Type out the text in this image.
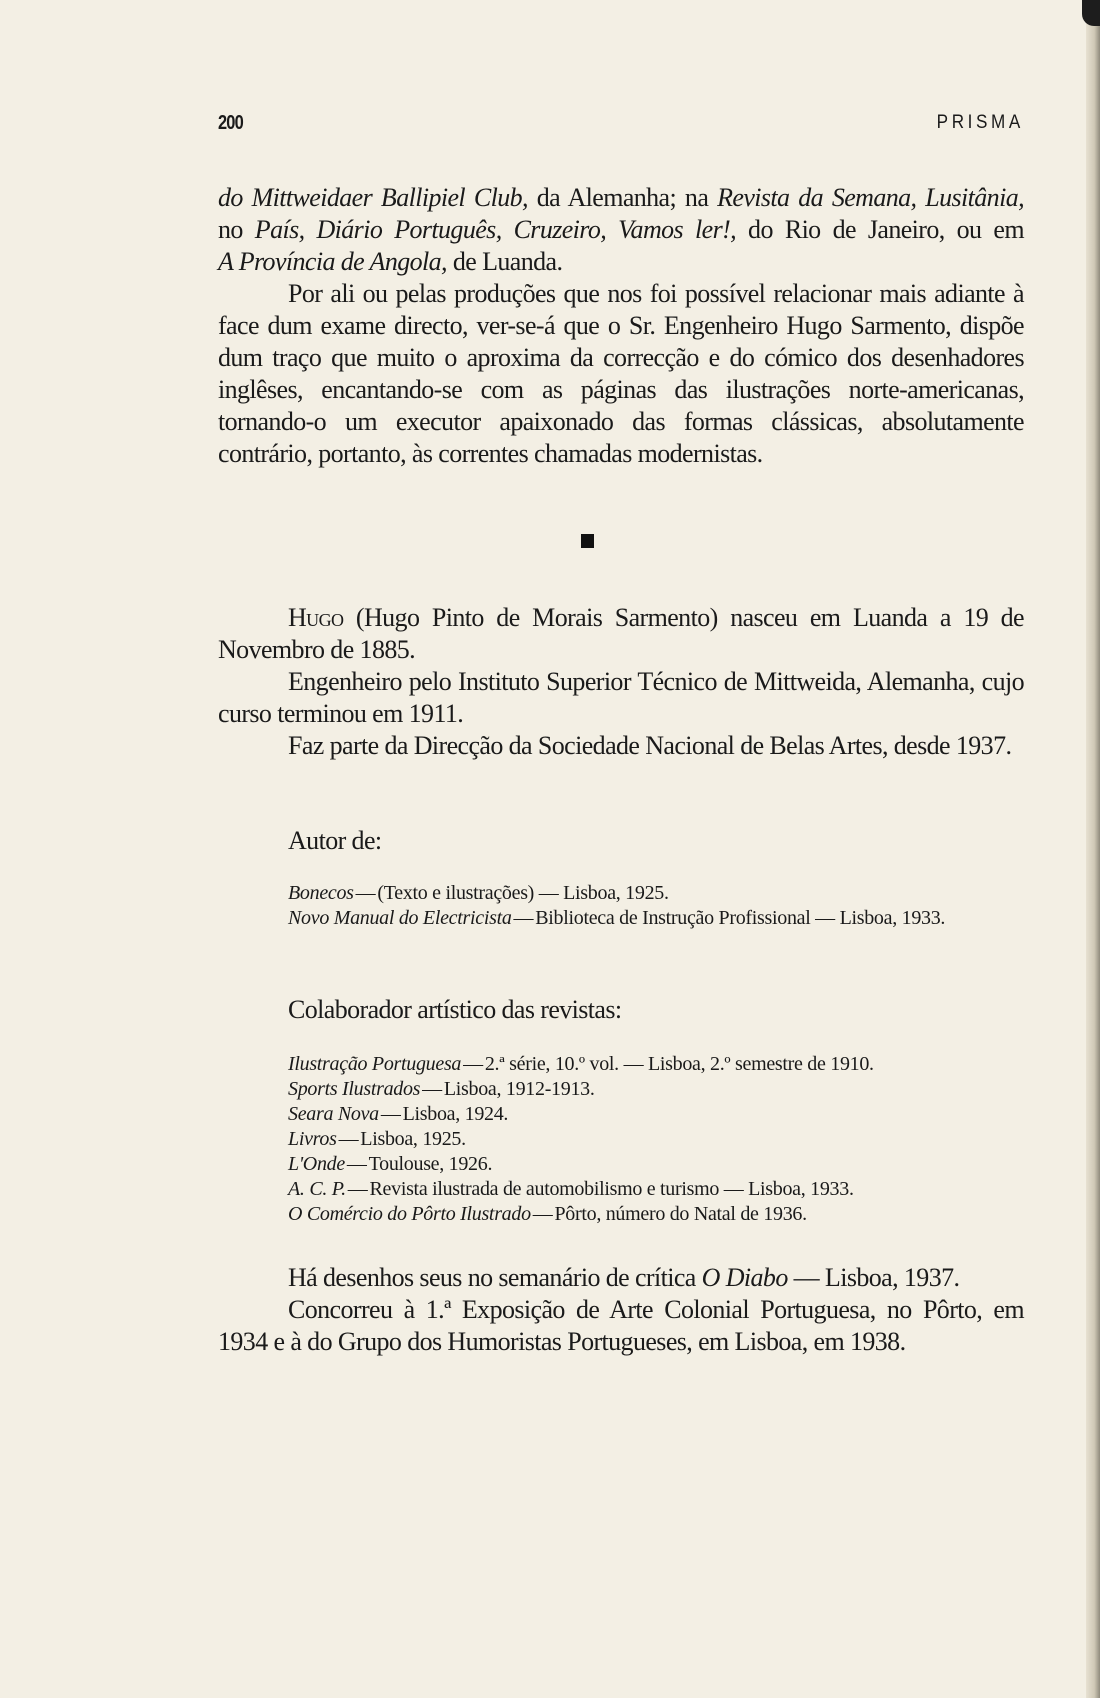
200	PRISMA

do Mittweidaer Ballipiel Club, da Alemanha; na Revista da Semana, Lusitânia,

no País, Diário Português, Cruzeiro, Vamos ler!, do Rio de Janeiro, ou em

A Província de Angola, de Luanda.

Por ali ou pelas produções que nos foi possível relacionar mais adiante à face dum exame directo, ver-se-á que o Sr. Engenheiro Hugo Sarmento, dispõe dum traço que muito o aproxima da correcção e do cómico dos desenhadores inglêses, encantando-se com as páginas das ilustrações norte-americanas, tornando-o um executor apaixonado das formas clássicas, absolutamente contrário, portanto, às correntes chamadas modernistas.

Hugo (Hugo Pinto de Morais Sarmento) nasceu em Luanda a 19 de Novembro de 1885.

Engenheiro pelo Instituto Superior Técnico de Mittweida, Alemanha, cujo curso terminou em 1911.

Faz parte da Direcção da Sociedade Nacional de Belas Artes, desde 1937.

Autor de:

Bonecos — (Texto e ilustrações) — Lisboa, 1925.

Novo Manual do Electricista — Biblioteca de Instrução Profissional — Lisboa, 1933.

Colaborador artístico das revistas:

Ilustração Portuguesa — 2.ª série, 10.º vol. — Lisboa, 2.º semestre de 1910.

Sports Ilustrados — Lisboa, 1912-1913.

Seara Nova — Lisboa, 1924.

Livros — Lisboa, 1925.

L'Onde — Toulouse, 1926.

A. C. P. — Revista ilustrada de automobilismo e turismo — Lisboa, 1933.

O Comércio do Pôrto Ilustrado — Pôrto, número do Natal de 1936.

Há desenhos seus no semanário de crítica O Diabo — Lisboa, 1937.

Concorreu à 1.ª Exposição de Arte Colonial Portuguesa, no Pôrto, em 1934 e à do Grupo dos Humoristas Portugueses, em Lisboa, em 1938.
